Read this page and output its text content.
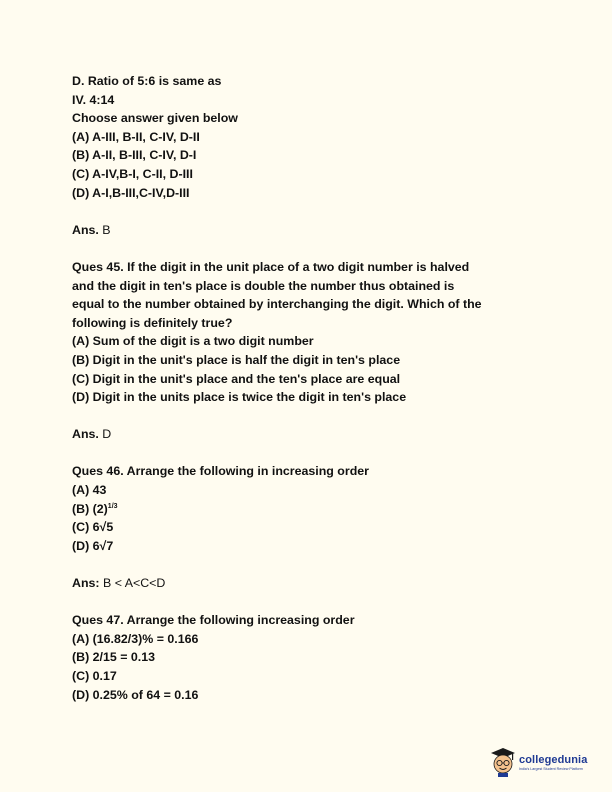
D. Ratio of 5:6 is same as

IV. 4:14

Choose answer given below

(A) A-III, B-II, C-IV, D-II

(B) A-II, B-III, C-IV, D-I

(C) A-IV,B-I, C-II, D-III

(D) A-I,B-III,C-IV,D-III

Ans. B

Ques 45. If the digit in the unit place of a two digit number is halved

and the digit in ten's place is double the number thus obtained is

equal to the number obtained by interchanging the digit. Which of the

following is definitely true?

(A) Sum of the digit is a two digit number

(B) Digit in the unit's place is half the digit in ten's place

(C) Digit in the unit's place and the ten's place are equal

(D) Digit in the units place is twice the digit in ten's place

Ans. D

Ques 46. Arrange the following in increasing order

(A) 43

(B) $(2)^{1/3}$

(C) 6√5

(D) 6√7

Ans: B < A<C<D

Ques 47. Arrange the following increasing order

(A) (16.82/3)% = 0.166

(B) 2/15 = 0.13

(C) 0.17

(D) 0.25% of 64 = 0.16

collegedunia
India's Largest Student Review Platform
